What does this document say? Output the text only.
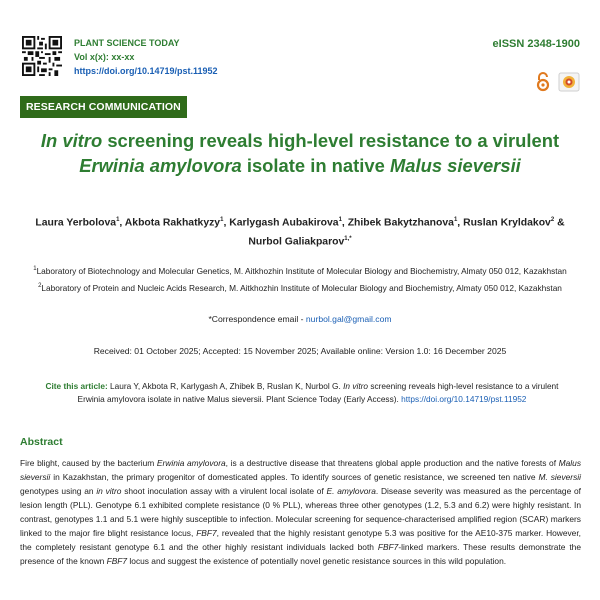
PLANT SCIENCE TODAY
Vol x(x): xx-xx
https://doi.org/10.14719/pst.11952
eISSN 2348-1900
RESEARCH COMMUNICATION
In vitro screening reveals high-level resistance to a virulent
Erwinia amylovora isolate in native Malus sieversii
Laura Yerbolova$^1$, Akbota Rakhatkyzy$^1$, Karlygash Aubakirova$^1$, Zhibek Bakytzhanova$^1$, Ruslan Kryldakov$^2$ &
Nurbol Galiakparov$^{1,*}$
$^1$Laboratory of Biotechnology and Molecular Genetics, M. Aitkhozhin Institute of Molecular Biology and Biochemistry, Almaty 050 012, Kazakhstan
$^2$Laboratory of Protein and Nucleic Acids Research, M. Aitkhozhin Institute of Molecular Biology and Biochemistry, Almaty 050 012, Kazakhstan
*Correspondence email - nurbol.gal@gmail.com
Received: 01 October 2025; Accepted: 15 November 2025; Available online: Version 1.0: 16 December 2025
Cite this article: Laura Y, Akbota R, Karlygash A, Zhibek B, Ruslan K, Nurbol G. In vitro screening reveals high-level resistance to a virulent Erwinia amylovora isolate in native Malus sieversii. Plant Science Today (Early Access). https://doi.org/10.14719/pst.11952
Abstract
Fire blight, caused by the bacterium Erwinia amylovora, is a destructive disease that threatens global apple production and the native forests of Malus sieversii in Kazakhstan, the primary progenitor of domesticated apples. To identify sources of genetic resistance, we screened ten native M. sieversii genotypes using an in vitro shoot inoculation assay with a virulent local isolate of E. amylovora. Disease severity was measured as the percentage of lesion length (PLL). Genotype 6.1 exhibited complete resistance (0 % PLL), whereas three other genotypes (1.2, 5.3 and 6.2) were highly resistant. In contrast, genotypes 1.1 and 5.1 were highly susceptible to infection. Molecular screening for sequence-characterised amplified region (SCAR) markers linked to the major fire blight resistance locus, FBF7, revealed that the highly resistant genotype 5.3 was positive for the AE10-375 marker. However, the completely resistant genotype 6.1 and the other highly resistant individuals lacked both FBF7-linked markers. These results demonstrate the presence of the known FBF7 locus and suggest the existence of potentially novel genetic resistance sources in this wild population.
